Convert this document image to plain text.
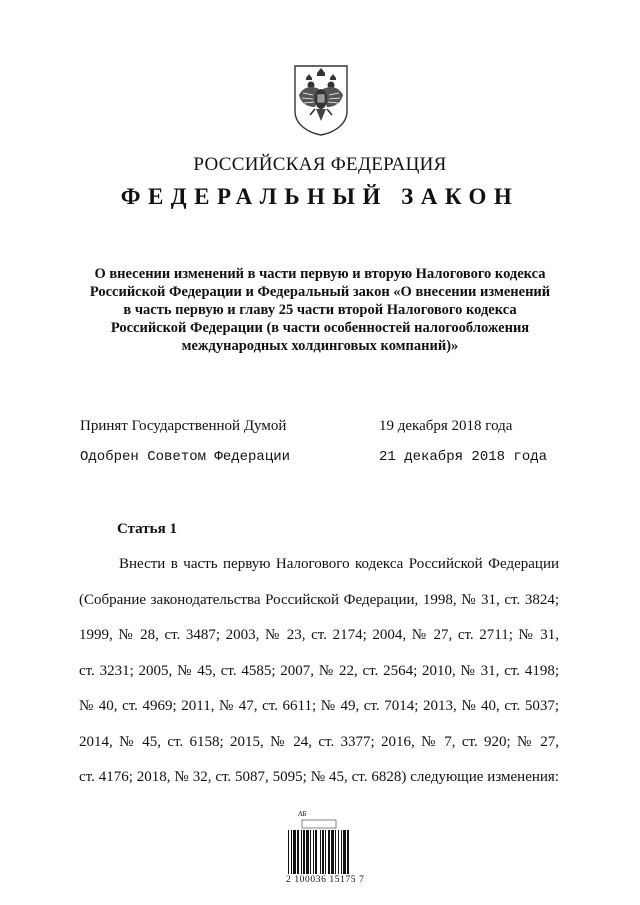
РОССИЙСКАЯ ФЕДЕРАЦИЯ
ФЕДЕРАЛЬНЫЙ ЗАКОН
О внесении изменений в части первую и вторую Налогового кодекса
Российской Федерации и Федеральный закон «О внесении изменений
в часть первую и главу 25 части второй Налогового кодекса
Российской Федерации (в части особенностей налогообложения
международных холдинговых компаний)»
Принят Государственной Думой	19 декабря 2018 года
Одобрен Советом Федерации	21 декабря 2018 года
Статья 1
Внести в часть первую Налогового кодекса Российской Федерации
(Собрание законодательства Российской Федерации, 1998, № 31, ст. 3824;
1999, № 28, ст. 3487; 2003, № 23, ст. 2174; 2004, № 27, ст. 2711; № 31,
ст. 3231; 2005, № 45, ст. 4585; 2007, № 22, ст. 2564; 2010, № 31, ст. 4198;
№ 40, ст. 4969; 2011, № 47, ст. 6611; № 49, ст. 7014; 2013, № 40, ст. 5037;
2014, № 45, ст. 6158; 2015, № 24, ст. 3377; 2016, № 7, ст. 920; № 27,
ст. 4176; 2018, № 32, ст. 5087, 5095; № 45, ст. 6828) следующие изменения:
АБ
2 100036 15175 7
